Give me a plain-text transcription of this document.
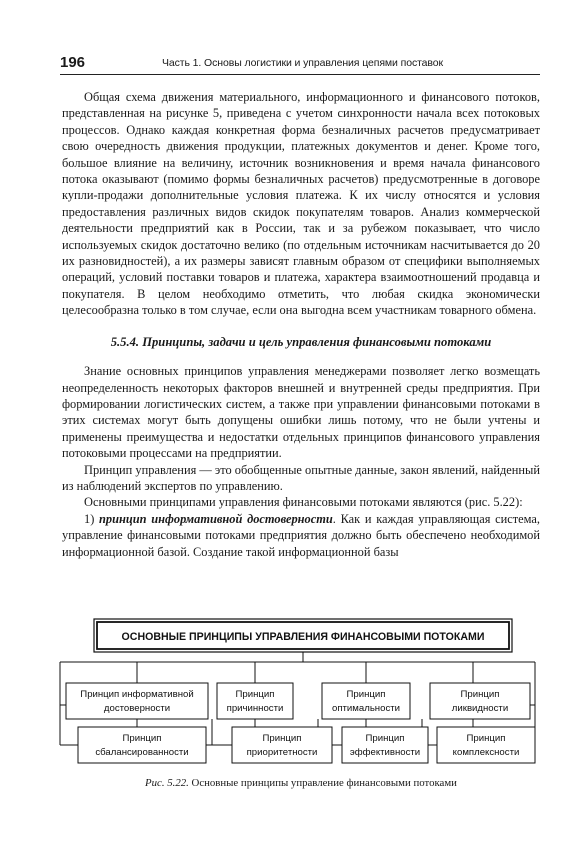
196	Часть 1. Основы логистики и управления цепями поставок

Общая схема движения материального, информационного и финансового потоков, представленная на рисунке 5, приведена с учетом синхронности начала всех потоковых процессов. Однако каждая конкретная форма безналичных расчетов предусматривает свою очередность движения продукции, платежных документов и денег. Кроме того, большое влияние на величину, источник возникновения и время начала финансового потока оказывают (помимо формы безналичных расчетов) предусмотренные в договоре купли-продажи дополнительные условия платежа. К их числу относятся и условия предоставления различных видов скидок покупателям товаров. Анализ коммерческой деятельности предприятий как в России, так и за рубежом показывает, что число используемых скидок достаточно велико (по отдельным источникам насчитывается до 20 их разновидностей), а их размеры зависят главным образом от специфики выполняемых операций, условий поставки товаров и платежа, характера взаимоотношений продавца и покупателя. В целом необходимо отметить, что любая скидка экономически целесообразна только в том случае, если она выгодна всем участникам товарного обмена.

5.5.4. Принципы, задачи и цель управления финансовыми потоками

Знание основных принципов управления менеджерами позволяет легко возмещать неопределенность некоторых факторов внешней и внутренней среды предприятия. При формировании логистических систем, а также при управлении финансовыми потоками в этих системах могут быть допущены ошибки лишь потому, что не были учтены и применены преимущества и недостатки отдельных принципов финансового управления потоковыми процессами на предприятии.

Принцип управления — это обобщенные опытные данные, закон явлений, найденный из наблюдений экспертов по управлению.

Основными принципами управления финансовыми потоками являются (рис. 5.22):

1) принцип информативной достоверности. Как и каждая управляющая система, управление финансовыми потоками предприятия должно быть обеспечено необходимой информационной базой. Создание такой информационной базы

ОСНОВНЫЕ ПРИНЦИПЫ УПРАВЛЕНИЯ ФИНАНСОВЫМИ ПОТОКАМИ
Принцип информативной
достоверности
Принцип
причинности
Принцип
оптимальности
Принцип
ликвидности
Принцип
сбалансированности
Принцип
приоритетности
Принцип
эффективности
Принцип
комплексности
Рис. 5.22. Основные принципы управление финансовыми потоками
